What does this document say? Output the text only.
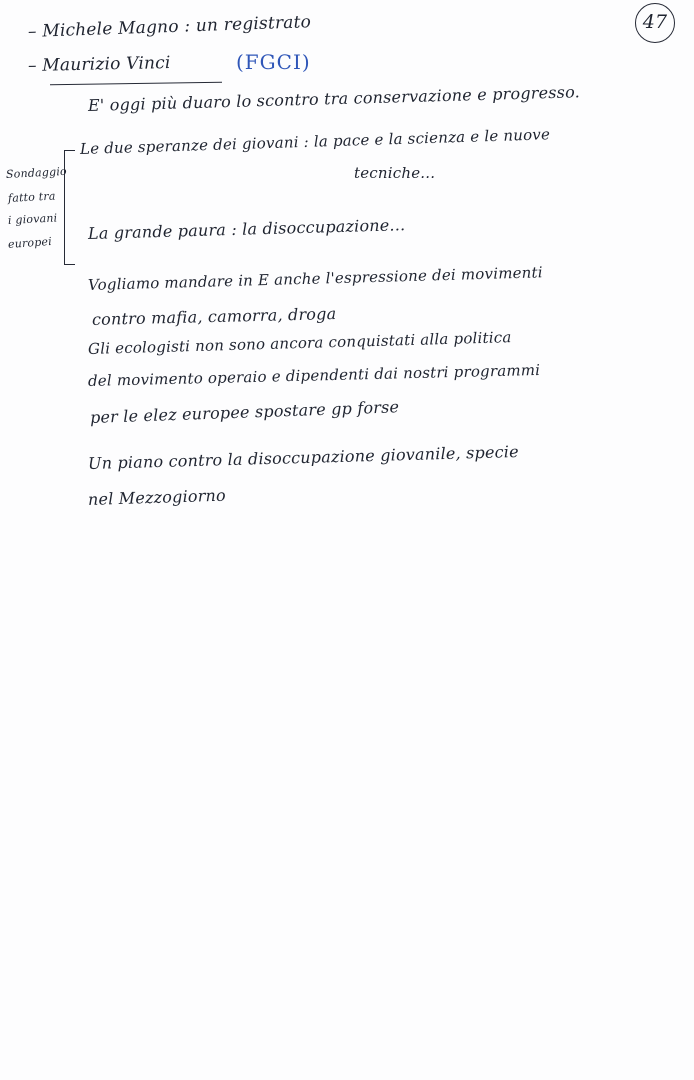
47
– Michele Magno : un registrato
– Maurizio Vinci	(FGCI)
E' oggi più duaro lo scontro tra conservazione e progresso.
Sondaggio
fatto tra
i giovani
europei
Le due speranze dei giovani : la pace e la scienza e le nuove
tecniche...
La grande paura : la disoccupazione...
Vogliamo mandare in E anche l'espressione dei movimenti
contro mafia, camorra, droga
Gli ecologisti non sono ancora conquistati alla politica
del movimento operaio e dipendenti dai nostri programmi
per le elez europee spostare gp forse
Un piano contro la disoccupazione giovanile, specie
nel Mezzogiorno
